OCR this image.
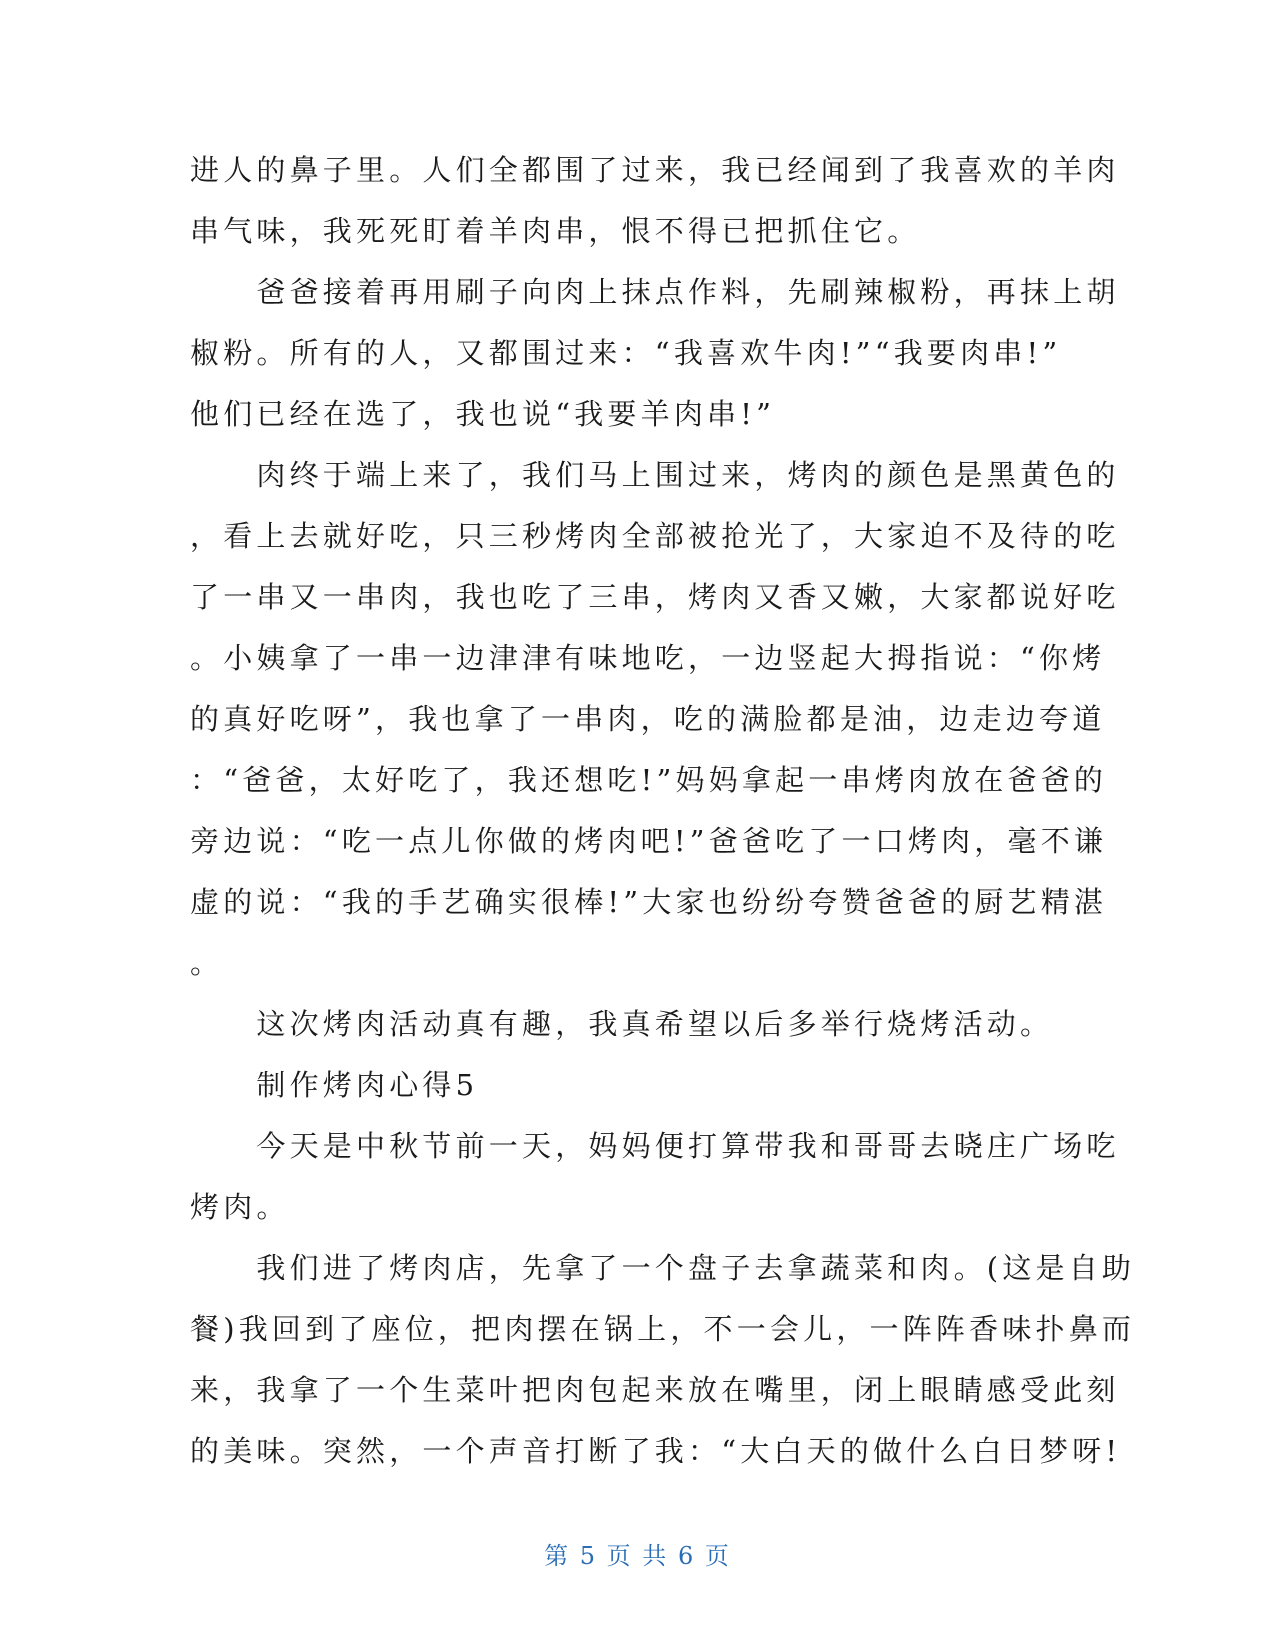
进人的鼻子里。人们全都围了过来，我已经闻到了我喜欢的羊肉
串气味，我死死盯着羊肉串，恨不得已把抓住它。
　　爸爸接着再用刷子向肉上抹点作料，先刷辣椒粉，再抹上胡
椒粉。所有的人，又都围过来：“我喜欢牛肉!”“我要肉串!”
他们已经在选了，我也说“我要羊肉串!”
　　肉终于端上来了，我们马上围过来，烤肉的颜色是黑黄色的
，看上去就好吃，只三秒烤肉全部被抢光了，大家迫不及待的吃
了一串又一串肉，我也吃了三串，烤肉又香又嫩，大家都说好吃
。小姨拿了一串一边津津有味地吃，一边竖起大拇指说：“你烤
的真好吃呀”，我也拿了一串肉，吃的满脸都是油，边走边夸道
：“爸爸，太好吃了，我还想吃!”妈妈拿起一串烤肉放在爸爸的
旁边说：“吃一点儿你做的烤肉吧!”爸爸吃了一口烤肉，毫不谦
虚的说：“我的手艺确实很棒!”大家也纷纷夸赞爸爸的厨艺精湛
。
　　这次烤肉活动真有趣，我真希望以后多举行烧烤活动。
　　制作烤肉心得5
　　今天是中秋节前一天，妈妈便打算带我和哥哥去晓庄广场吃
烤肉。
　　我们进了烤肉店，先拿了一个盘子去拿蔬菜和肉。(这是自助
餐)我回到了座位，把肉摆在锅上，不一会儿，一阵阵香味扑鼻而
来，我拿了一个生菜叶把肉包起来放在嘴里，闭上眼睛感受此刻
的美味。突然，一个声音打断了我：“大白天的做什么白日梦呀!
第 5 页 共 6 页
